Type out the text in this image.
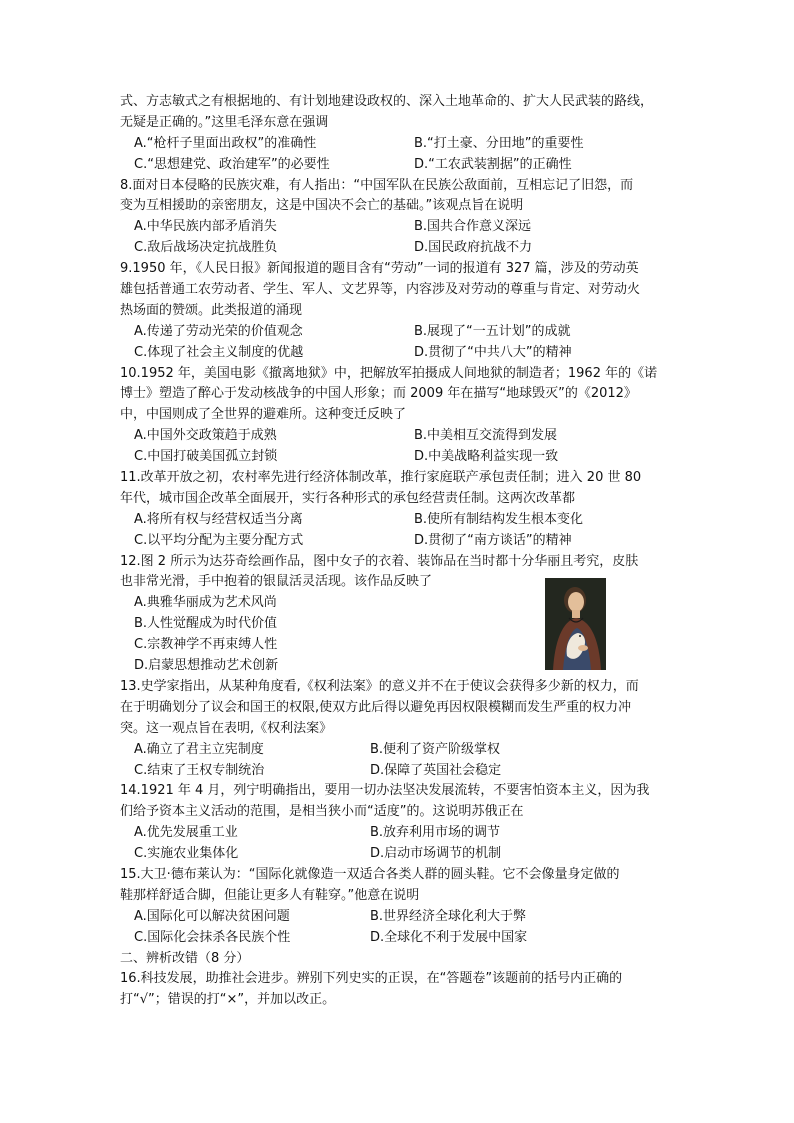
式、方志敏式之有根据地的、有计划地建设政权的、深入土地革命的、扩大人民武装的路线，
无疑是正确的。”这里毛泽东意在强调
A.“枪杆子里面出政权”的准确性	B.“打土豪、分田地”的重要性
C.“思想建党、政治建军”的必要性	D.“工农武装割据”的正确性
8.面对日本侵略的民族灾难，有人指出：“中国军队在民族公敌面前，互相忘记了旧怨，而
变为互相援助的亲密朋友，这是中国决不会亡的基础。”该观点旨在说明
A.中华民族内部矛盾消失	B.国共合作意义深远
C.敌后战场决定抗战胜负	D.国民政府抗战不力
9.1950 年，《人民日报》新闻报道的题目含有“劳动”一词的报道有 327 篇，涉及的劳动英
雄包括普通工农劳动者、学生、军人、文艺界等，内容涉及对劳动的尊重与肯定、对劳动火
热场面的赞颂。此类报道的涌现
A.传递了劳动光荣的价值观念	B.展现了“一五计划”的成就
C.体现了社会主义制度的优越	D.贯彻了“中共八大”的精神
10.1952 年，美国电影《撤离地狱》中，把解放军拍摄成人间地狱的制造者；1962 年的《诺
博士》塑造了醉心于发动核战争的中国人形象；而 2009 年在描写“地球毁灭”的《2012》
中，中国则成了全世界的避难所。这种变迁反映了
A.中国外交政策趋于成熟	B.中美相互交流得到发展
C.中国打破美国孤立封锁	D.中美战略利益实现一致
11.改革开放之初，农村率先进行经济体制改革，推行家庭联产承包责任制；进入 20 世 80
年代，城市国企改革全面展开，实行各种形式的承包经营责任制。这两次改革都
A.将所有权与经营权适当分离	B.使所有制结构发生根本变化
C.以平均分配为主要分配方式	D.贯彻了“南方谈话”的精神
12.图 2 所示为达芬奇绘画作品，图中女子的衣着、装饰品在当时都十分华丽且考究，皮肤
也非常光滑，手中抱着的银鼠活灵活现。该作品反映了
A.典雅华丽成为艺术风尚
B.人性觉醒成为时代价值
C.宗教神学不再束缚人性
D.启蒙思想推动艺术创新
13.史学家指出，从某种角度看,《权利法案》的意义并不在于使议会获得多少新的权力，而
在于明确划分了议会和国王的权限,使双方此后得以避免再因权限模糊而发生严重的权力冲
突。这一观点旨在表明,《权利法案》
A.确立了君主立宪制度	B.便利了资产阶级掌权
C.结束了王权专制统治	D.保障了英国社会稳定
14.1921 年 4 月，列宁明确指出，要用一切办法坚决发展流转，不要害怕资本主义，因为我
们给予资本主义活动的范围，是相当狭小而“适度”的。这说明苏俄正在
A.优先发展重工业	B.放弃利用市场的调节
C.实施农业集体化	D.启动市场调节的机制
15.大卫·德布莱认为：“国际化就像造一双适合各类人群的圆头鞋。它不会像量身定做的
鞋那样舒适合脚，但能让更多人有鞋穿。”他意在说明
A.国际化可以解决贫困问题	B.世界经济全球化利大于弊
C.国际化会抹杀各民族个性	D.全球化不利于发展中国家
二、辨析改错（8 分）
16.科技发展，助推社会进步。辨别下列史实的正误，在“答题卷”该题前的括号内正确的
打“√”；错误的打“×”，并加以改正。
